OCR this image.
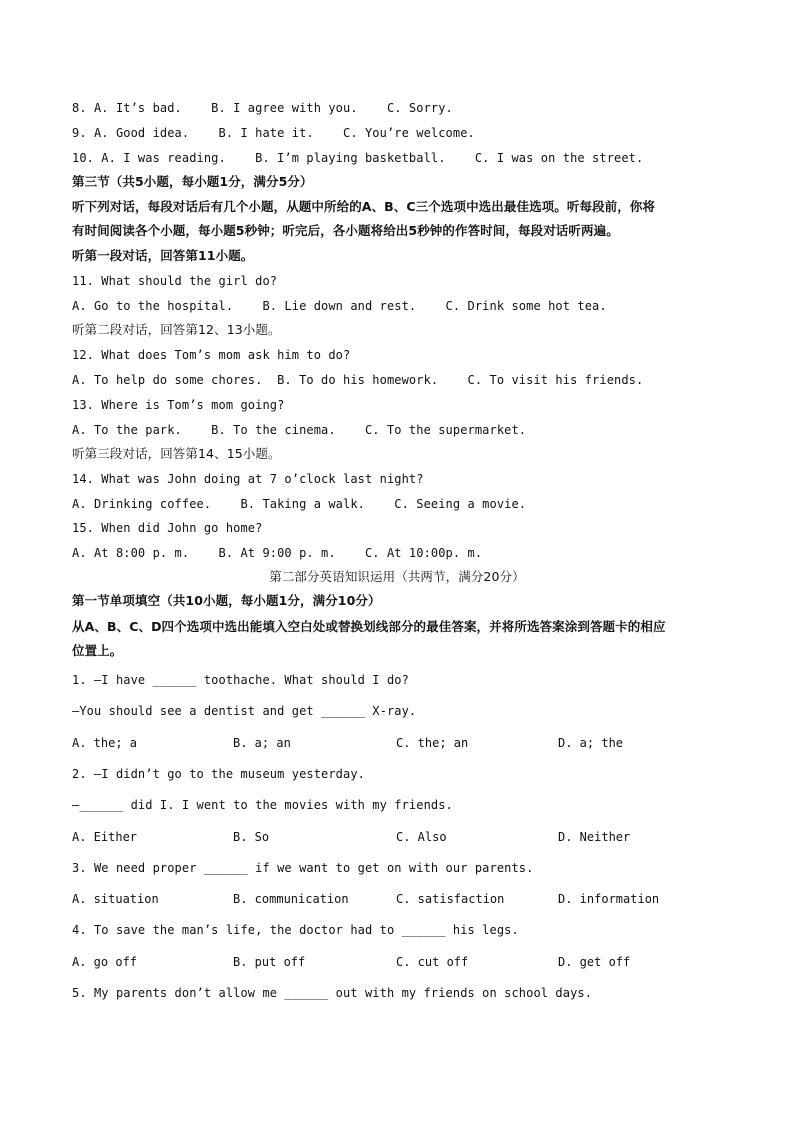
8. A. It’s bad.    B. I agree with you.    C. Sorry.
9. A. Good idea.    B. I hate it.    C. You’re welcome.
10. A. I was reading.    B. I’m playing basketball.    C. I was on the street.
第三节（共5小题，每小题1分，满分5分）
听下列对话，每段对话后有几个小题，从题中所给的A、B、C三个选项中选出最佳选项。听每段前，你将
有时间阅读各个小题，每小题5秒钟；听完后，各小题将给出5秒钟的作答时间，每段对话听两遍。
听第一段对话，回答第11小题。
11. What should the girl do?
A. Go to the hospital.    B. Lie down and rest.    C. Drink some hot tea.
听第二段对话，回答第12、13小题。
12. What does Tom’s mom ask him to do?
A. To help do some chores.  B. To do his homework.    C. To visit his friends.
13. Where is Tom’s mom going?
A. To the park.    B. To the cinema.    C. To the supermarket.
听第三段对话，回答第14、15小题。
14. What was John doing at 7 o’clock last night?
A. Drinking coffee.    B. Taking a walk.    C. Seeing a movie.
15. When did John go home?
A. At 8:00 p. m.    B. At 9:00 p. m.    C. At 10:00p. m.
第二部分英语知识运用（共两节，满分20分）
第一节单项填空（共10小题，每小题1分，满分10分）
从A、B、C、D四个选项中选出能填入空白处或替换划线部分的最佳答案，并将所选答案涂到答题卡的相应
位置上。
1. —I have ______ toothache. What should I do?
—You should see a dentist and get ______ X-ray.
A. the; a	B. a; an	C. the; an	D. a; the
2. —I didn’t go to the museum yesterday.
—______ did I. I went to the movies with my friends.
A. Either	B. So	C. Also	D. Neither
3. We need proper ______ if we want to get on with our parents.
A. situation	B. communication	C. satisfaction	D. information
4. To save the man’s life, the doctor had to ______ his legs.
A. go off	B. put off	C. cut off	D. get off
5. My parents don’t allow me ______ out with my friends on school days.
